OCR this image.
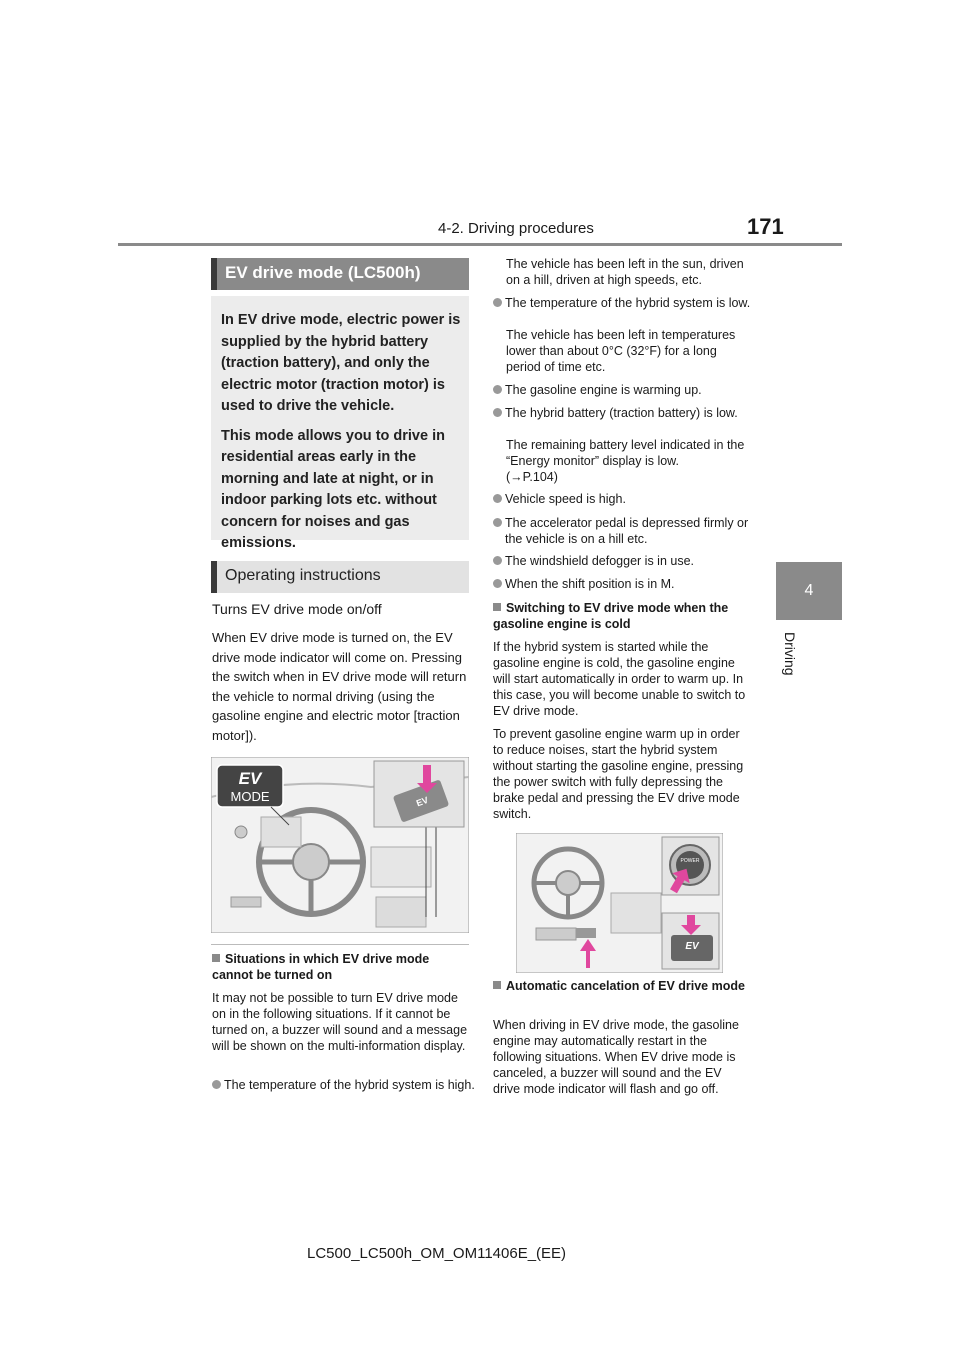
4-2. Driving procedures	171
4
Driving
EV drive mode (LC500h)

In EV drive mode, electric power is supplied by the hybrid battery (traction battery), and only the electric motor (traction motor) is used to drive the vehicle.

This mode allows you to drive in residential areas early in the morning and late at night, or in indoor parking lots etc. without concern for noises and gas emissions.

Operating instructions
Turns EV drive mode on/off
When EV drive mode is turned on, the EV drive mode indicator will come on. Pressing the switch when in EV drive mode will return the vehicle to normal driving (using the gasoline engine and electric motor [traction motor]).
EV
EV
MODE
Situations in which EV drive mode cannot be turned on
It may not be possible to turn EV drive mode on in the following situations. If it cannot be turned on, a buzzer will sound and a message will be shown on the multi-information display.
The temperature of the hybrid system is high.
The vehicle has been left in the sun, driven on a hill, driven at high speeds, etc.
The temperature of the hybrid system is low.
The vehicle has been left in temperatures lower than about 0°C (32°F) for a long period of time etc.
The gasoline engine is warming up.
The hybrid battery (traction battery) is low.
The remaining battery level indicated in the “Energy monitor” display is low.
(→P.104)
Vehicle speed is high.
The accelerator pedal is depressed firmly or the vehicle is on a hill etc.
The windshield defogger is in use.
When the shift position is in M.
Switching to EV drive mode when the gasoline engine is cold
If the hybrid system is started while the gasoline engine is cold, the gasoline engine will start automatically in order to warm up. In this case, you will become unable to switch to EV drive mode.
To prevent gasoline engine warm up in order to reduce noises, start the hybrid system without starting the gasoline engine, pressing the power switch with fully depressing the brake pedal and pressing the EV drive mode switch.
POWER
EV
Automatic cancelation of EV drive mode
When driving in EV drive mode, the gasoline engine may automatically restart in the following situations. When EV drive mode is canceled, a buzzer will sound and the EV drive mode indicator will flash and go off.
LC500_LC500h_OM_OM11406E_(EE)
